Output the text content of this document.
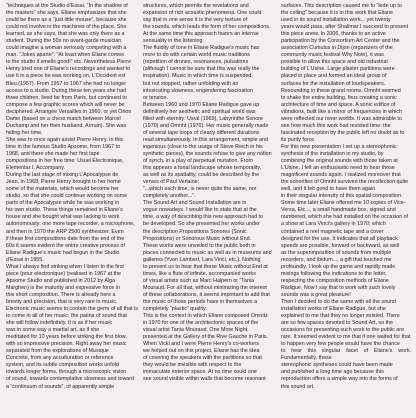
“techniques at the Studio d’Essai. “In the shadow of
the masters” she says. Eliane emphasizes that she
could be there as a “just little mouse”, because she
could not involve in the machines of the place. She
learned, as she says, that she was only there as a
student. During the 50s no avant-garde musician
could imagine a woman seriously competing with a
man. “Jokes aparte”: “At least when Eliane comes
to the studio it smells good!” etc. Nevertheless Pierre
Henry tried one of Eliane’s recordings and wanted to
use it in a piece he was working on, L’Occident est
Bleu (1957). From 1957 to 1967 she had no longer
access to a studio. During these ten years she had
three children, lived far from Paris, but continued to
compose a few graphic scores which will never be
deciphered. Arrangée Versailles in 1960, or yet Orion
Dame (based on a chess match between Marcel
Duchamp and her then husband, Arman). She was
hiding her time.

She was to once again assist Pierre Henry, in this
time in the famous Studio Apsome, from 1967 to
1968, and there she made her first tape
compositions in her free time: Usuel Electronique,
Elementar I, Accompany.
During the last stage of mixing L’Apocalypse de
Jean, in 1968, Pierre Henry brought to her home
some of the materials, which would become her
studio, so that she could continue working on some
parts of the Apocalypse while he was working in
his own studio. These things remained in Eliane’s
house and she bought what was lacking to work
autonomously: one more tape recorder, a microphone,
and then in 1970 the ARP 2500 synthesizer. Even
if these first compositions date from the end of the
60s it seems evident the entire creative process of
Eliane Radigue’s music had begun in the Studio
d’Essai in 1955.

What I always find striking when I listen to the first
piece (pour electronique) (realised in 1967 at the
Apsome Studio and published in 2012 by Alga
Marghen) is the maturity and expressive force in
this short composition. There is already here a
brevity and precision, that is very rare in music.
Electronic music seems to contain the germ of all that is
to come in all of her music: the patina of sound that
she will follow indefinitely. It is as if her music
was in some way a martial art, as if she
meditated for 10 years before striking the first blow,
with so impressive precision. Right away her music
separated from the explorations of Musique
Concrete, from any acculturation or reference
system, and its subtle composition works unfold
towards longer forms, through a microscopic vision
of sound, towards contemplative slowness and toward
a “continuum of sounds”, of apparently simple

structures, which permits the revelations and
expansion of rich acoustic phenomena. One could
say that in one sense it is the very texture of
the sounds, which leads the form of her compositions.
At the same time this approach favors an intense
sensuality in the listening.
The fluidity of tone in Eliane Radigue’s music has
more to do with certain world music traditions
(repetition of drones, resonances, pulsations
(although I cannot be sure that this was really the
inspiration). Music in which time is suspended,
but not stopped, rather unfolding with an
intoxicating slowness, engendering fascination
or tension.

Between 1960 and 1970 Eliane Radigue gave up
definitively her aesthetic and spiritual world was
filled with eternity: Usral (1969), Labyrinthe Sonore
(1970) and Omnht (1970). Her music generally made
of several tape loops of clearly different durations
read simultaneously. In this arrangement, simple and
ingenious (close to the usage of Steve Reich in his
synthetic pieces), the sounds refuse to give any notion
of synch, in a play of perpetual mutation. From
this appears a tonal landscape whose temporality,
as well as its spatiality, could be described by the
verses of Paul Verlaine:
“...which each time, is never quite the same, nor
completely another...”.
The Sound Art and Sound Installation are in
vogue nowadays. I would like to state that at the
time, a way of describing this new approach had to
be developed. So she presented her works under
the description Propositions Sonores (Sonic
Propositions) or Sonorous Music without End.
These works were unveiled to the public both in
places connected to music as well as in museums and
galleries (Yvon Lambert, Lara Vinci, etc.). Nothing
to prevent us to hear that these Music without End at
times, like a flute of infinite, accompanied works
of visual artists such as Marc Halpern or “Tania
Mouraud. For all that, without minimizing the interest
of these collaborations, it seems important to add that
the music of those periods have in themselves a
completely “plastic” quality.

This is the context in which Eliane composed Omnitz
in 1970 for one of the architectonic spaces of the
visual artist Tania Mouraud, One More Night,
presented at the Gallery of the Rive Gauche in Paris.
When Vicki and I were Pierre Henry’s co-workers
we helped out on this project. Eliane has the idea
of covering the speakers with the partitions so that
they would be invisible with respect to the
immaculate exterior space. At no time could one
see sound visible within walls that become resonant

surfaces. This description caused me to “lede up to
the ceiling” because it is in this work that Eliane
used in its sound installation work... yet twenty
years would pass, after Shalimar I succeed to present
this piece anew. In 2006, thanks to an active
participation by the Consortium Art Center and the
association Cumulus in Dijon (organizers of the
community music festival Why Note), it was
possible to allow this space and old industrial
building of L’Usine. Large plaster partitions were
placed in place and formed an ideal group of
surfaces for the installation of loudspeakers.
Resounding in these grand rooms, Omnht seemed
to shake the entire building, thus creating a sonic
architecture of time and space. A sonic edifice of
vibrations, built like a mirror of frequencies in which
were reflected our inner worlds. It was admirable to
see how much this work had resisted time: the
fascinated reception by the public left no doubt as to
its purity force.

For this new presentation I set up a stereophonic
synthesis of the installation in my studio, by
combining the original sounds with those taken at
L’Usine. I felt an enthusiastic need to hear those
magnificent sounds again. I realized moreover that
the sonorities of Omnht survived the recollection quite
well, and it felt good to have them again
in their singular intensity of this spatial composition.

Some time later Eliane offered me 10 copies of Vice-
Versa, Etc..., a small handmade box, signed and
numbered, which she had installed on the occasion of
a show at Lara Vinci’s gallery in 1970; which
contained a reel magnetic tape and a cover
designed for the use. It indicates that all playback
speeds are possible, forward or backward, as well
as the superimposition of sounds from multiple
recorders, and ibidum..., a gift that touched me
profoundly. I took up the game and rapidly made
mixings following the indications to the letter,
respecting the composition methods of Eliane
Radigue. Now I say that to work with such lovely
sounds was a great pleasure!

Then I decided to do the same with all the sound
installation works of Eliane Radigue, but she
explained to me that they no longer existed. There
are so few spaces devoted to Sound Art, so the
occasions for presenting such work to the public are
rare. It seemed evident to me that if one waited for that
to happen very few people would have the chance
to hear this singular facet of Eliane’s work. Fundamentally, these
stereophonic syntheses could have been made
and published a long time ago because this
reproduction offers a simple way into the forms of
this sound art.
